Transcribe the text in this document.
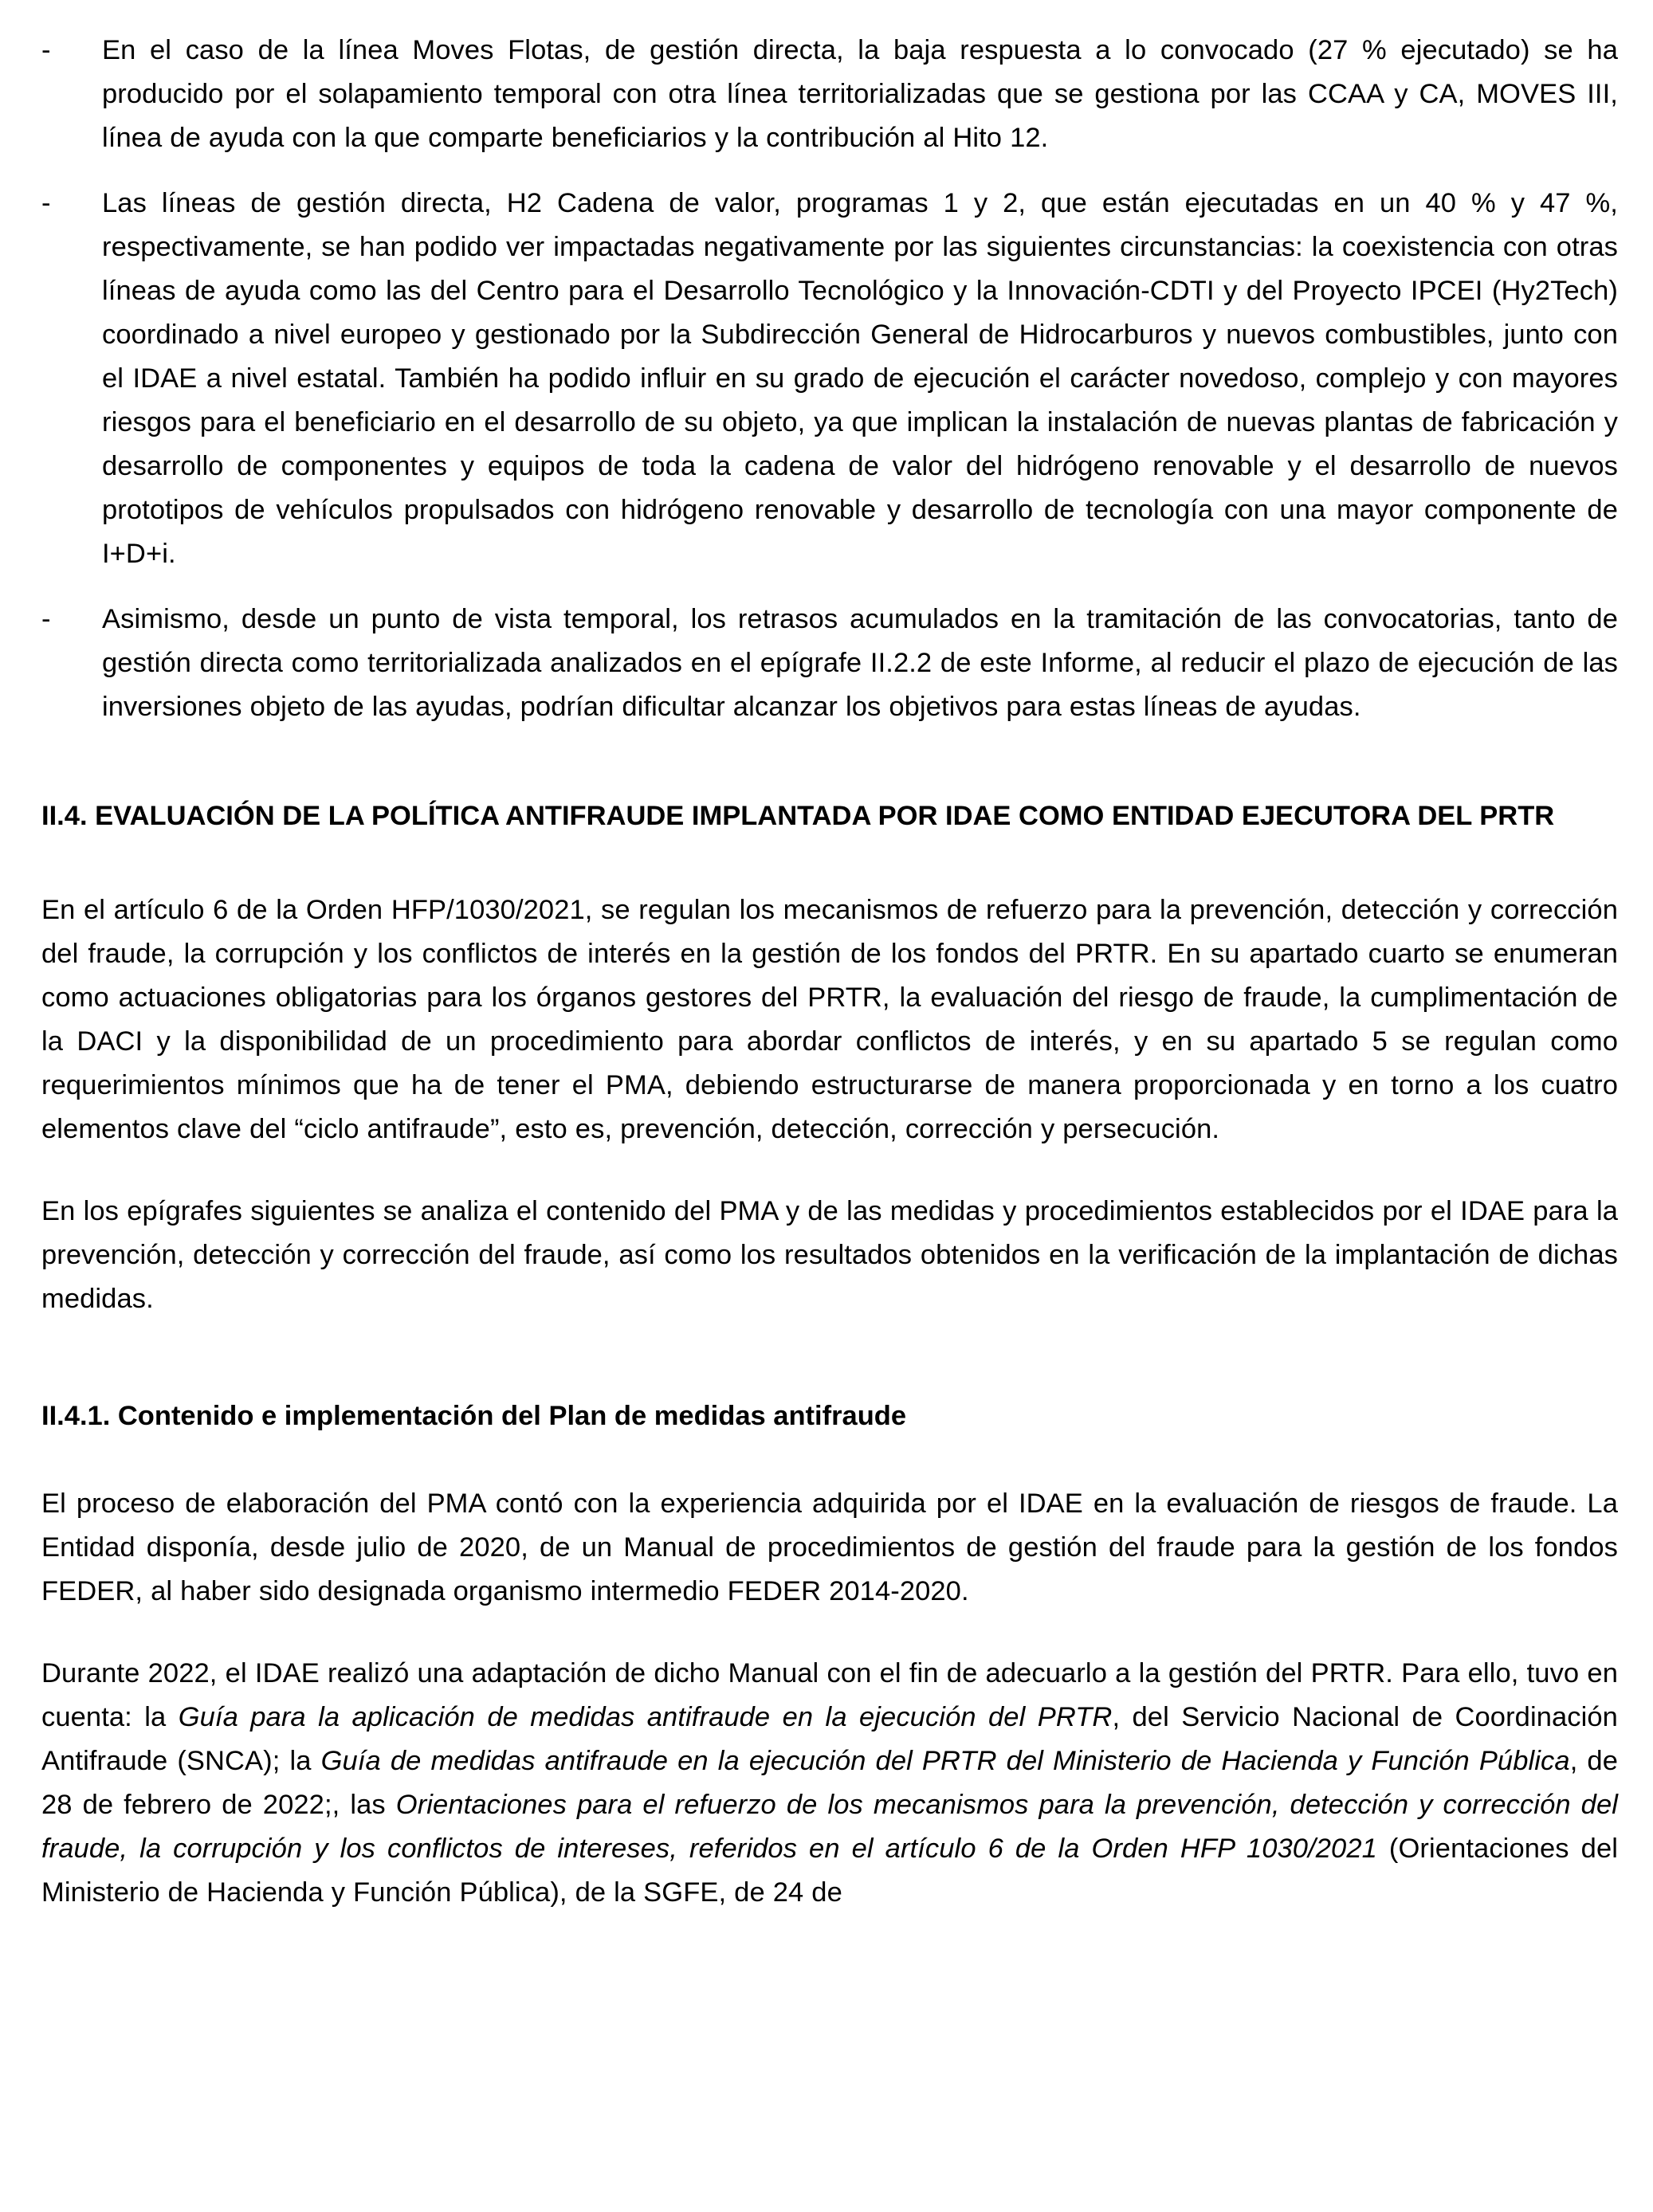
-	En el caso de la línea Moves Flotas, de gestión directa, la baja respuesta a lo convocado (27 % ejecutado) se ha producido por el solapamiento temporal con otra línea territorializadas que se gestiona por las CCAA y CA, MOVES III, línea de ayuda con la que comparte beneficiarios y la contribución al Hito 12.
-	Las líneas de gestión directa, H2 Cadena de valor, programas 1 y 2, que están ejecutadas en un 40 % y 47 %, respectivamente, se han podido ver impactadas negativamente por las siguientes circunstancias: la coexistencia con otras líneas de ayuda como las del Centro para el Desarrollo Tecnológico y la Innovación-CDTI y del Proyecto IPCEI (Hy2Tech) coordinado a nivel europeo y gestionado por la Subdirección General de Hidrocarburos y nuevos combustibles, junto con el IDAE a nivel estatal. También ha podido influir en su grado de ejecución el carácter novedoso, complejo y con mayores riesgos para el beneficiario en el desarrollo de su objeto, ya que implican la instalación de nuevas plantas de fabricación y desarrollo de componentes y equipos de toda la cadena de valor del hidrógeno renovable y el desarrollo de nuevos prototipos de vehículos propulsados con hidrógeno renovable y desarrollo de tecnología con una mayor componente de I+D+i.
-	Asimismo, desde un punto de vista temporal, los retrasos acumulados en la tramitación de las convocatorias, tanto de gestión directa como territorializada analizados en el epígrafe II.2.2 de este Informe, al reducir el plazo de ejecución de las inversiones objeto de las ayudas, podrían dificultar alcanzar los objetivos para estas líneas de ayudas.
II.4. EVALUACIÓN DE LA POLÍTICA ANTIFRAUDE IMPLANTADA POR IDAE COMO ENTIDAD EJECUTORA DEL PRTR

En el artículo 6 de la Orden HFP/1030/2021, se regulan los mecanismos de refuerzo para la prevención, detección y corrección del fraude, la corrupción y los conflictos de interés en la gestión de los fondos del PRTR. En su apartado cuarto se enumeran como actuaciones obligatorias para los órganos gestores del PRTR, la evaluación del riesgo de fraude, la cumplimentación de la DACI y la disponibilidad de un procedimiento para abordar conflictos de interés, y en su apartado 5 se regulan como requerimientos mínimos que ha de tener el PMA, debiendo estructurarse de manera proporcionada y en torno a los cuatro elementos clave del “ciclo antifraude”, esto es, prevención, detección, corrección y persecución.

En los epígrafes siguientes se analiza el contenido del PMA y de las medidas y procedimientos establecidos por el IDAE para la prevención, detección y corrección del fraude, así como los resultados obtenidos en la verificación de la implantación de dichas medidas.

II.4.1. Contenido e implementación del Plan de medidas antifraude

El proceso de elaboración del PMA contó con la experiencia adquirida por el IDAE en la evaluación de riesgos de fraude. La Entidad disponía, desde julio de 2020, de un Manual de procedimientos de gestión del fraude para la gestión de los fondos FEDER, al haber sido designada organismo intermedio FEDER 2014-2020.

Durante 2022, el IDAE realizó una adaptación de dicho Manual con el fin de adecuarlo a la gestión del PRTR. Para ello, tuvo en cuenta: la Guía para la aplicación de medidas antifraude en la ejecución del PRTR, del Servicio Nacional de Coordinación Antifraude (SNCA); la Guía de medidas antifraude en la ejecución del PRTR del Ministerio de Hacienda y Función Pública, de 28 de febrero de 2022;, las Orientaciones para el refuerzo de los mecanismos para la prevención, detección y corrección del fraude, la corrupción y los conflictos de intereses, referidos en el artículo 6 de la Orden HFP 1030/2021 (Orientaciones del Ministerio de Hacienda y Función Pública), de la SGFE, de 24 de
